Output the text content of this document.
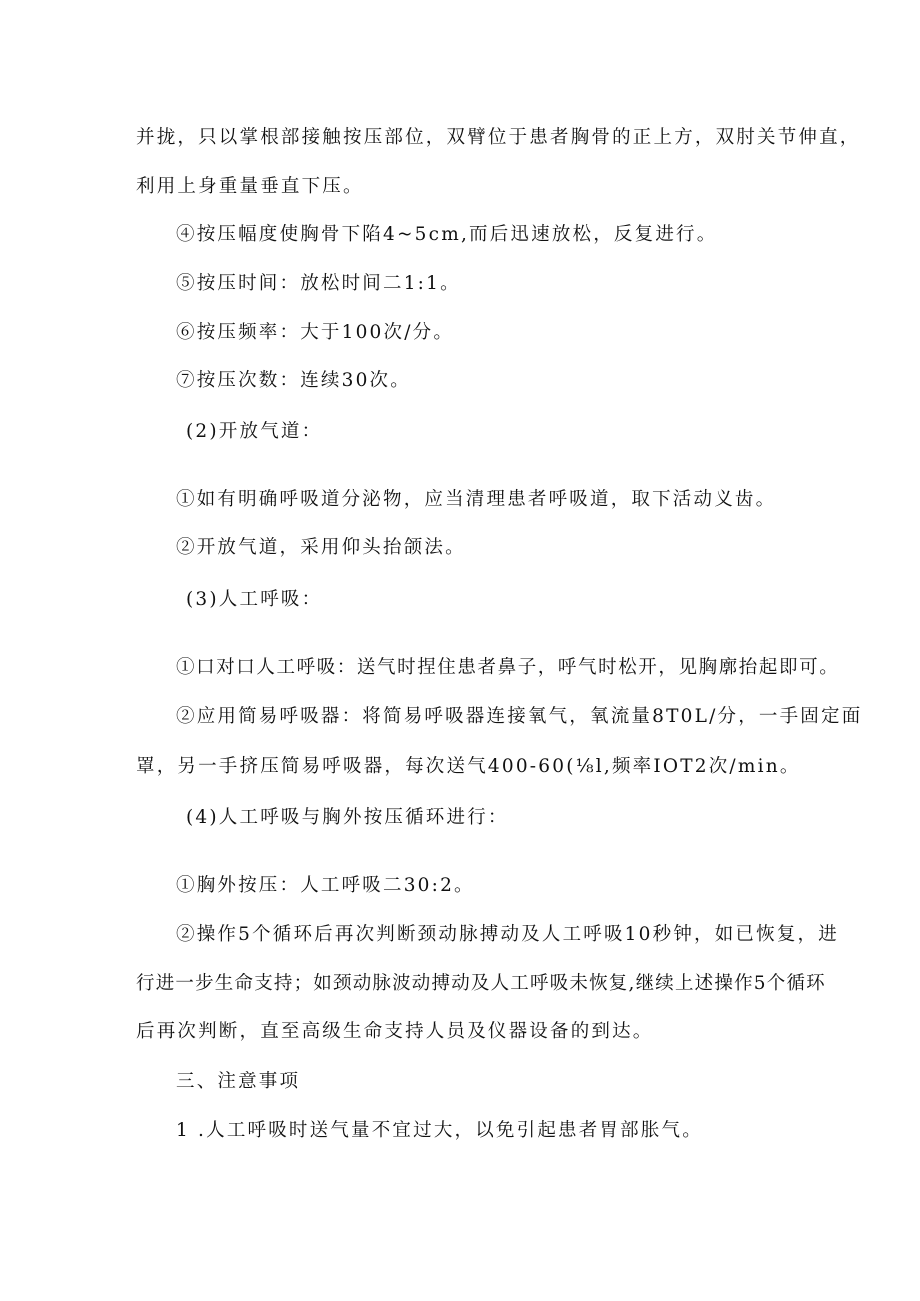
并拢，只以掌根部接触按压部位，双臂位于患者胸骨的正上方，双肘关节伸直，
利用上身重量垂直下压。
④按压幅度使胸骨下陷4~5cm,而后迅速放松，反复进行。
⑤按压时间：放松时间二1:1。
⑥按压频率：大于100次/分。
⑦按压次数：连续30次。
(2)开放气道：
①如有明确呼吸道分泌物，应当清理患者呼吸道，取下活动义齿。
②开放气道，采用仰头抬颌法。
(3)人工呼吸：
①口对口人工呼吸：送气时捏住患者鼻子，呼气时松开，见胸廓抬起即可。
②应用简易呼吸器：将简易呼吸器连接氧气，氧流量8T0L/分，一手固定面
罩，另一手挤压简易呼吸器，每次送气400-60(⅛l,频率IOT2次/min。
(4)人工呼吸与胸外按压循环进行：
①胸外按压：人工呼吸二30:2。
②操作5个循环后再次判断颈动脉搏动及人工呼吸10秒钟，如已恢复，进
行进一步生命支持；如颈动脉波动搏动及人工呼吸未恢复,继续上述操作5个循环
后再次判断，直至高级生命支持人员及仪器设备的到达。
三、注意事项
1 .人工呼吸时送气量不宜过大，以免引起患者胃部胀气。
